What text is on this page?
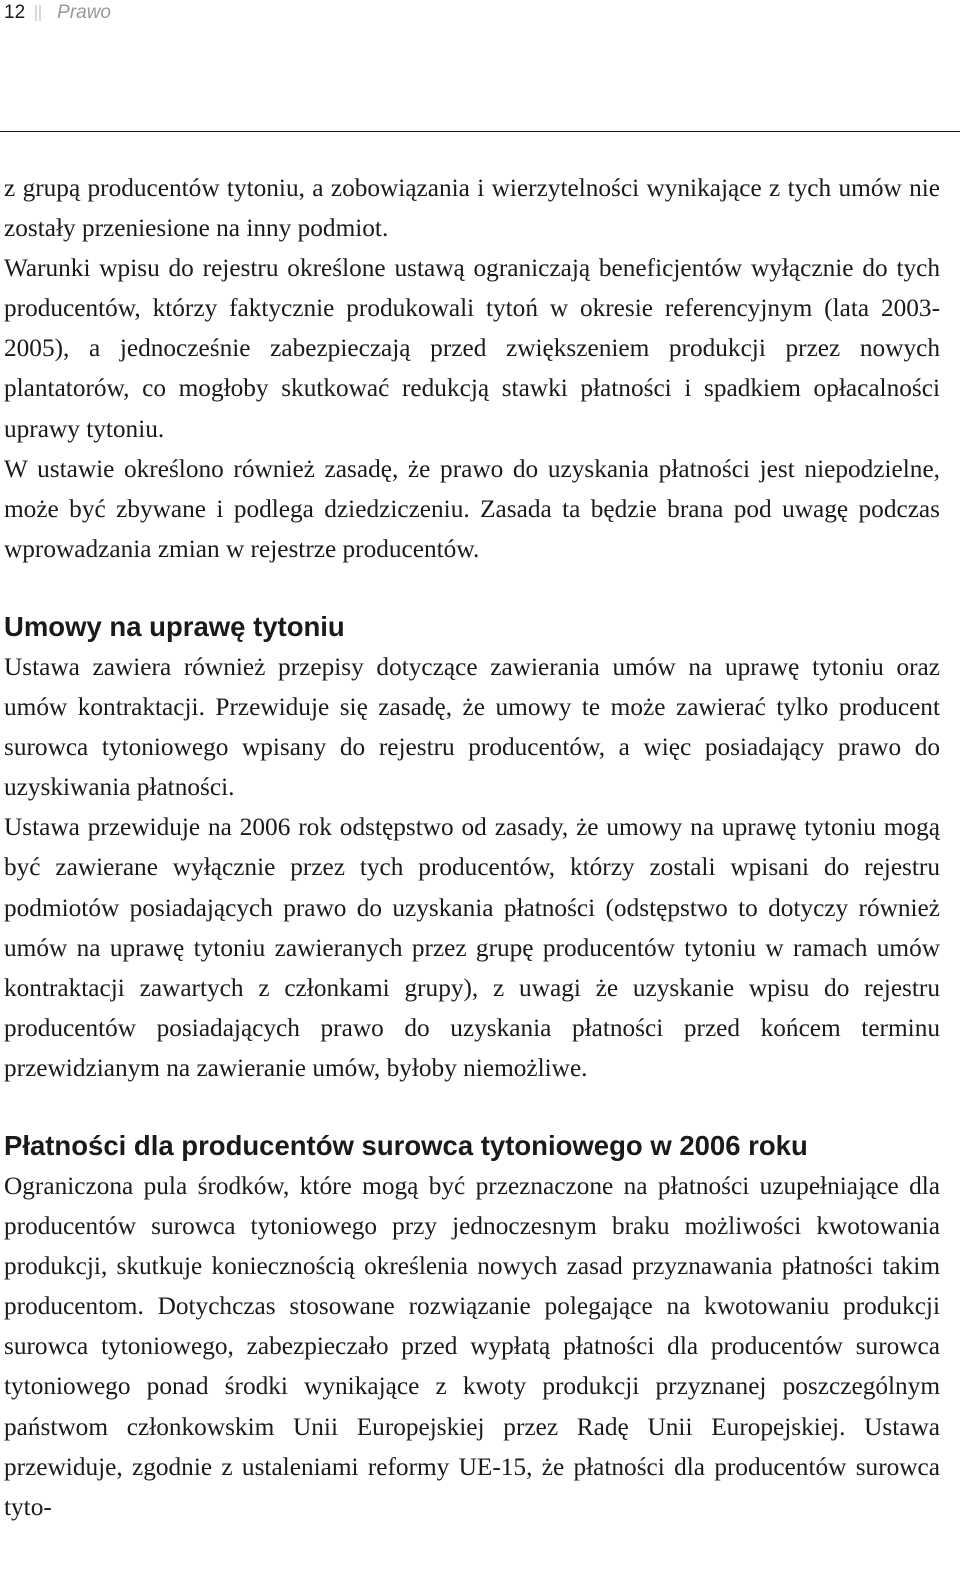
12 Prawo

z grupą producentów tytoniu, a zobowiązania i wierzytelności wynikające z tych umów nie zostały przeniesione na inny podmiot.

Warunki wpisu do rejestru określone ustawą ograniczają beneficjentów wyłącznie do tych producentów, którzy faktycznie produkowali tytoń w okresie referencyjnym (lata 2003-2005), a jednocześnie zabezpieczają przed zwiększeniem produkcji przez nowych plantatorów, co mogłoby skutkować redukcją stawki płatności i spadkiem opłacalności uprawy tytoniu.

W ustawie określono również zasadę, że prawo do uzyskania płatności jest niepodzielne, może być zbywane i podlega dziedziczeniu. Zasada ta będzie brana pod uwagę podczas wprowadzania zmian w rejestrze producentów.

Umowy na uprawę tytoniu

Ustawa zawiera również przepisy dotyczące zawierania umów na uprawę tytoniu oraz umów kontraktacji. Przewiduje się zasadę, że umowy te może zawierać tylko producent surowca tytoniowego wpisany do rejestru producentów, a więc posiadający prawo do uzyskiwania płatności.

Ustawa przewiduje na 2006 rok odstępstwo od zasady, że umowy na uprawę tytoniu mogą być zawierane wyłącznie przez tych producentów, którzy zostali wpisani do rejestru podmiotów posiadających prawo do uzyskania płatności (odstępstwo to dotyczy również umów na uprawę tytoniu zawieranych przez grupę producentów tytoniu w ramach umów kontraktacji zawartych z członkami grupy), z uwagi że uzyskanie wpisu do rejestru producentów posiadających prawo do uzyskania płatności przed końcem terminu przewidzianym na zawieranie umów, byłoby niemożliwe.

Płatności dla producentów surowca tytoniowego w 2006 roku

Ograniczona pula środków, które mogą być przeznaczone na płatności uzupełniające dla producentów surowca tytoniowego przy jednoczesnym braku możliwości kwotowania produkcji, skutkuje koniecznością określenia nowych zasad przyznawania płatności takim producentom. Dotychczas stosowane rozwiązanie polegające na kwotowaniu produkcji surowca tytoniowego, zabezpieczało przed wypłatą płatności dla producentów surowca tytoniowego ponad środki wynikające z kwoty produkcji przyznanej poszczególnym państwom członkowskim Unii Europejskiej przez Radę Unii Europejskiej. Ustawa przewiduje, zgodnie z ustaleniami reformy UE-15, że płatności dla producentów surowca tyto-
